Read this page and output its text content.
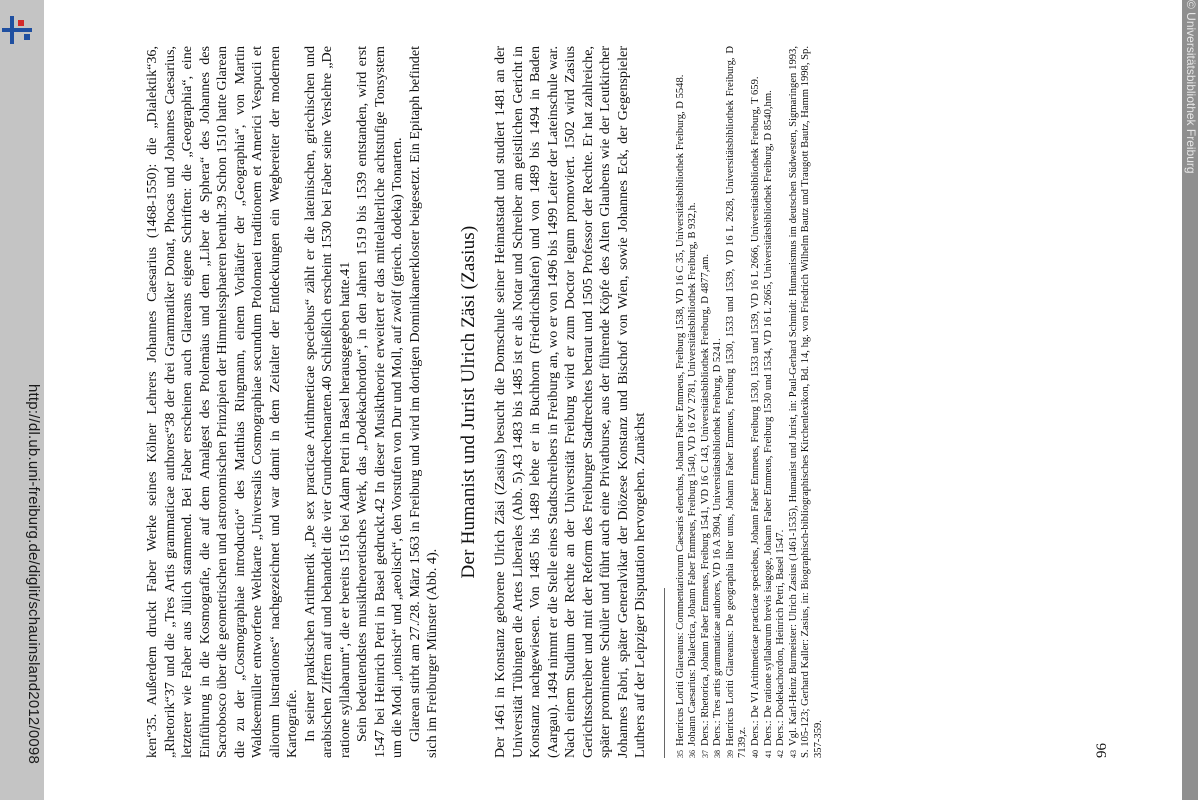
ken“35. Außerdem druckt Faber Werke seines Kölner Lehrers Johannes Caesarius (1468-1550): die „Dialektik“36, „Rhetorik“37 und die „Tres Artis grammaticae authores“38 der drei Grammatiker Donat, Phocas und Johannes Caesarius, letzterer wie Faber aus Jülich stammend. Bei Faber erscheinen auch Glareans eigene Schriften: die „Geographia“, eine Einführung in die Kosmografie, die auf dem Amalgest des Ptolemäus und dem „Liber de Sphera“ des Johannes des Sacrobosco über die geometrischen und astronomischen Prinzipien der Himmelssphaeren beruht.39 Schon 1510 hatte Glarean die zu der „Cosmographiae introductio“ des Matthias Ringmann, einem Vorläufer der „Geographia“, von Martin Waldseemüller entworfene Weltkarte „Universalis Cosmographiae secundum Ptolomaei traditionem et Americi Vespucii et aliorum lustrationes“ nachgezeichnet und war damit in dem Zeitalter der Entdeckungen ein Wegbereiter der modernen Kartografie. In seiner praktischen Arithmetik „De sex practicae Arithmeticae speciebus“ zählt er die lateinischen, griechischen und arabischen Ziffern auf und behandelt die vier Grundrechenarten.40 Schließlich erscheint 1530 bei Faber seine Verslehre „De ratione syllabarum“, die er bereits 1516 bei Adam Petri in Basel herausgegeben hatte.41 Sein bedeutendstes musiktheoretisches Werk, das „Dodekachordon“, in den Jahren 1519 bis 1539 entstanden, wird erst 1547 bei Heinrich Petri in Basel gedruckt.42 In dieser Musiktheorie erweitert er das mittelalterliche achtstufige Tonsystem um die Modi „ionisch“ und „aeolisch“, den Vorstufen von Dur und Moll, auf zwölf (griech. dodeka) Tonarten. Glarean stirbt am 27./28. März 1563 in Freiburg und wird im dortigen Dominikanerkloster beigesetzt. Ein Epitaph befindet sich im Freiburger Münster (Abb. 4).

Der Humanist und Jurist Ulrich Zäsi (Zasius) Der 1461 in Konstanz geborene Ulrich Zäsi (Zasius) besucht die Domschule seiner Heimatstadt und studiert 1481 an der Universität Tübingen die Artes Liberales (Abb. 5).43 1483 bis 1485 ist er als Notar und Schreiber am geistlichen Gericht in Konstanz nachgewiesen. Von 1485 bis 1489 lebte er in Buchhorn (Friedrichshafen) und von 1489 bis 1494 in Baden (Aargau). 1494 nimmt er die Stelle eines Stadtschreibers in Freiburg an, wo er von 1496 bis 1499 Leiter der Lateinschule war. Nach einem Studium der Rechte an der Universität Freiburg wird er zum Doctor legum promoviert. 1502 wird Zasius Gerichtsschreiber und mit der Reform des Freiburger Stadtrechtes betraut und 1505 Professor der Rechte. Er hat zahlreiche, später prominente Schüler und führt auch eine Privatburse, aus der führende Köpfe des Alten Glaubens wie der Leutkircher Johannes Fabri, später Generalvikar der Diözese Konstanz und Bischof von Wien, sowie Johannes Eck, der Gegenspieler Luthers auf der Leipziger Disputation hervorgehen. Zunächst	35Henricus Loriti Glareanus: Commentariorum Caesaris elenchus, Johann Faber Emmeus, Freiburg 1538, VD 16 C 35, Universitätsbibliothek Freiburg, D 5548.

36Johann Caesarius: Dialectica, Johann Faber Emmeus, Freiburg 1540, VD 16 ZV 2781, Universitätsbibliothek Freiburg, B 932,h.

37Ders.: Rhetorica, Johann Faber Emmeus, Freiburg 1541, VD 16 C 143, Universitätsbibliothek Freiburg, D 4877,am.

38Ders.: Tres artis grammaticae authores, VD 16 A 3904, Universitätsbibliothek Freiburg, D 5241.

39Henricus Loriti Glareanus: De geographia liber unus, Johann Faber Emmeus, Freiburg 1530, 1533 und 1539, VD 16 L 2628, Universitätsbibliothek Freiburg, D 7139,z. 40Ders.: De VI Arithmeticae practicae speciebus, Johann Faber Emmeus, Freiburg 1530, 1533 und 1539, VD 16 L 2666, Universitätsbibliothek Freiburg, T 659.

41Ders.: De ratione syllabarum brevis isagoge, Johann Faber Emmeus, Freiburg 1530 und 1534, VD 16 L 2665, Universitätsbibliothek Freiburg, D 8540,hm.

42Ders.: Dodekachordon, Heinrich Petri, Basel 1547.

43Vgl. Karl-Heinz Burmeister: Ulrich Zasius (1461-1535), Humanist und Jurist, in: Paul-Gerhard Schmidt: Humanismus im deutschen Südwesten, Sigmaringen 1993, S. 105-123; Gerhard Kaller: Zasius, in: Biographisch-bibliographisches Kirchenlexikon, Bd. 14, hg. von Friedrich Wilhelm Bautz und Traugott Bautz, Hamm 1998, Sp. 357-359.	96
© Universitätsbibliothek Freiburg
http://dl.ub.uni-freiburg.de/diglit/schauinsland2012/0098
